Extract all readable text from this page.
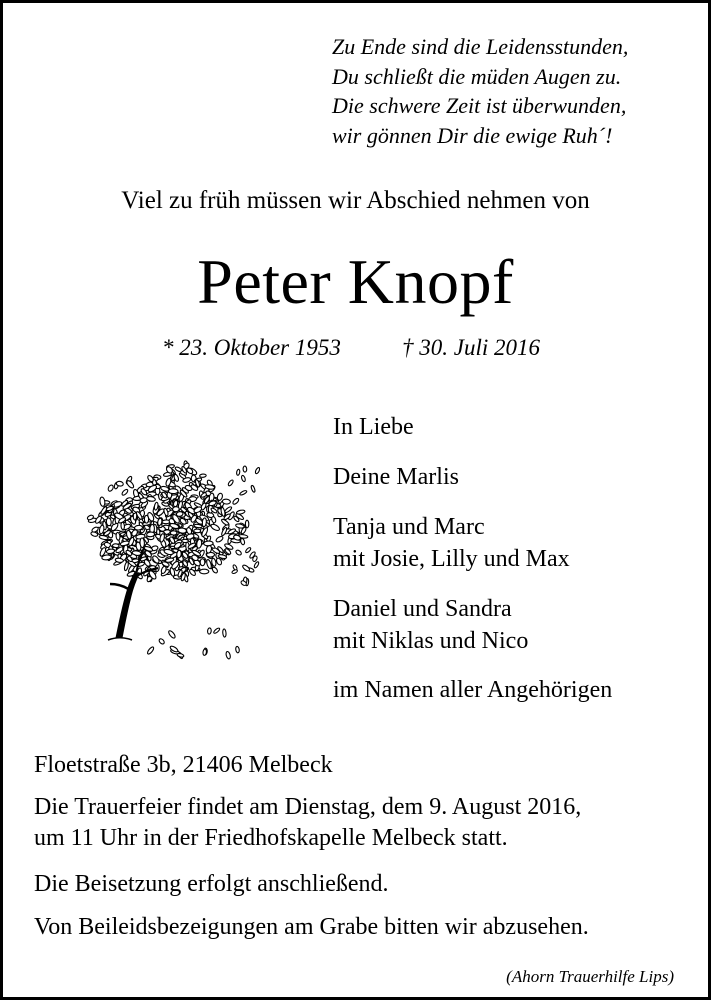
Zu Ende sind die Leidensstunden,
Du schließt die müden Augen zu.
Die schwere Zeit ist überwunden,
wir gönnen Dir die ewige Ruh´!
Viel zu früh müssen wir Abschied nehmen von
Peter Knopf
* 23. Oktober 1953	† 30. Juli 2016
In Liebe
Deine Marlis
Tanja und Marc
mit Josie, Lilly und Max
Daniel und Sandra
mit Niklas und Nico
im Namen aller Angehörigen
Floetstraße 3b, 21406 Melbeck
Die Trauerfeier findet am Dienstag, dem 9. August 2016,
um 11 Uhr in der Friedhofskapelle Melbeck statt.
Die Beisetzung erfolgt anschließend.
Von Beileidsbezeigungen am Grabe bitten wir abzusehen.
(Ahorn Trauerhilfe Lips)
